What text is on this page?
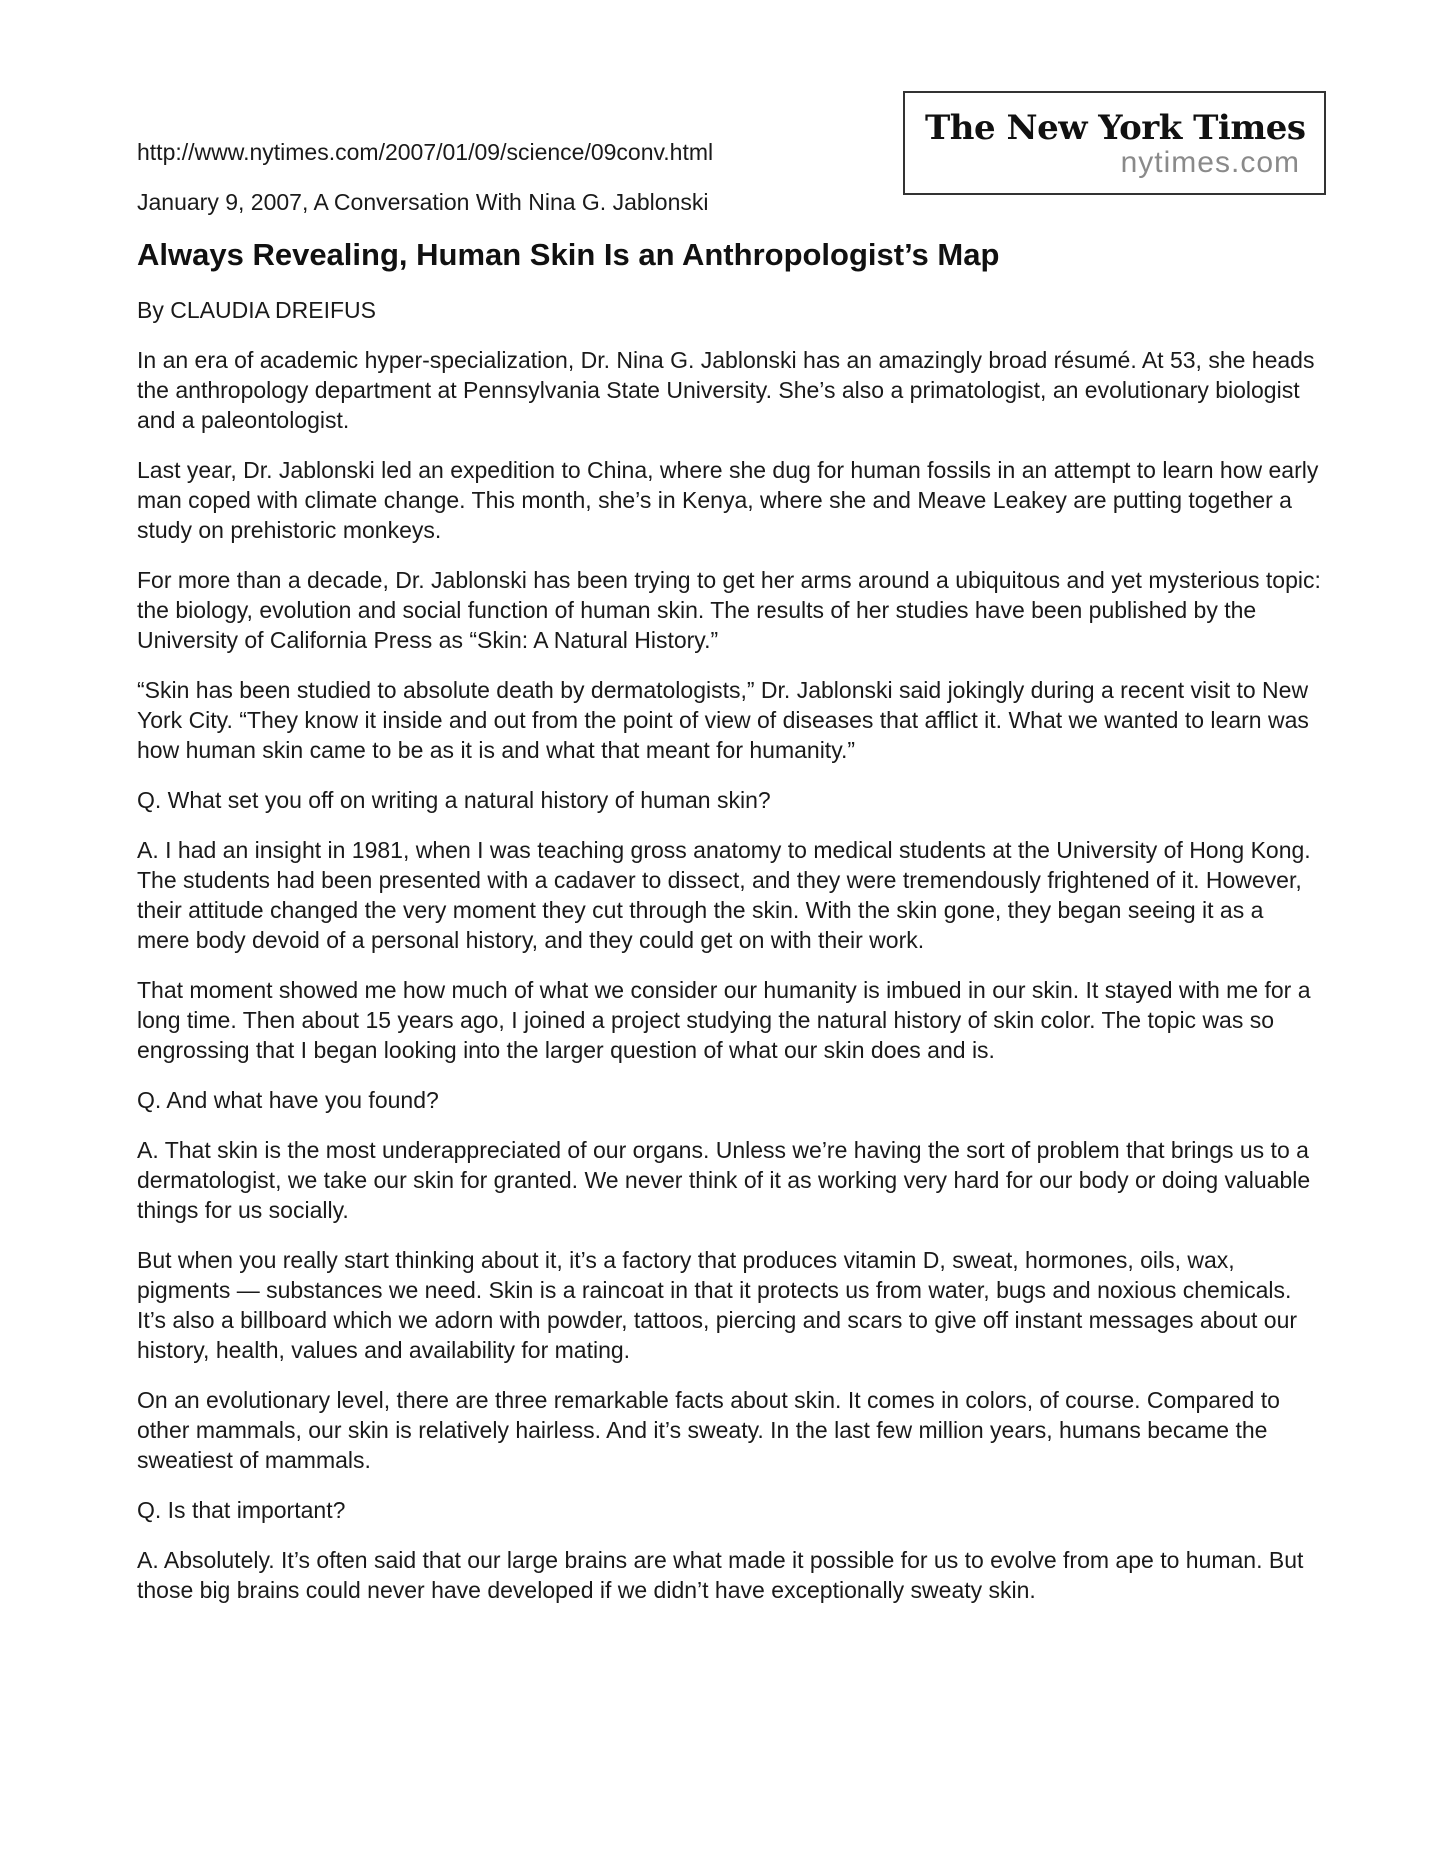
http://www.nytimes.com/2007/01/09/science/09conv.html
January 9, 2007, A Conversation With Nina G. Jablonski
The New York Times
nytimes.com
Always Revealing, Human Skin Is an Anthropologist’s Map
By CLAUDIA DREIFUS

In an era of academic hyper-specialization, Dr. Nina G. Jablonski has an amazingly broad résumé. At 53, she heads the anthropology department at Pennsylvania State University. She’s also a primatologist, an evolutionary biologist and a paleontologist.

Last year, Dr. Jablonski led an expedition to China, where she dug for human fossils in an attempt to learn how early man coped with climate change. This month, she’s in Kenya, where she and Meave Leakey are putting together a study on prehistoric monkeys.

For more than a decade, Dr. Jablonski has been trying to get her arms around a ubiquitous and yet mysterious topic: the biology, evolution and social function of human skin. The results of her studies have been published by the University of California Press as “Skin: A Natural History.”

“Skin has been studied to absolute death by dermatologists,” Dr. Jablonski said jokingly during a recent visit to New York City. “They know it inside and out from the point of view of diseases that afflict it. What we wanted to learn was how human skin came to be as it is and what that meant for humanity.”

Q. What set you off on writing a natural history of human skin?

A. I had an insight in 1981, when I was teaching gross anatomy to medical students at the University of Hong Kong. The students had been presented with a cadaver to dissect, and they were tremendously frightened of it. However, their attitude changed the very moment they cut through the skin. With the skin gone, they began seeing it as a mere body devoid of a personal history, and they could get on with their work.

That moment showed me how much of what we consider our humanity is imbued in our skin. It stayed with me for a long time. Then about 15 years ago, I joined a project studying the natural history of skin color. The topic was so engrossing that I began looking into the larger question of what our skin does and is.

Q. And what have you found?

A. That skin is the most underappreciated of our organs. Unless we’re having the sort of problem that brings us to a dermatologist, we take our skin for granted. We never think of it as working very hard for our body or doing valuable things for us socially.

But when you really start thinking about it, it’s a factory that produces vitamin D, sweat, hormones, oils, wax, pigments — substances we need. Skin is a raincoat in that it protects us from water, bugs and noxious chemicals. It’s also a billboard which we adorn with powder, tattoos, piercing and scars to give off instant messages about our history, health, values and availability for mating.

On an evolutionary level, there are three remarkable facts about skin. It comes in colors, of course. Compared to other mammals, our skin is relatively hairless. And it’s sweaty. In the last few million years, humans became the sweatiest of mammals.

Q. Is that important?

A. Absolutely. It’s often said that our large brains are what made it possible for us to evolve from ape to human. But those big brains could never have developed if we didn’t have exceptionally sweaty skin.
